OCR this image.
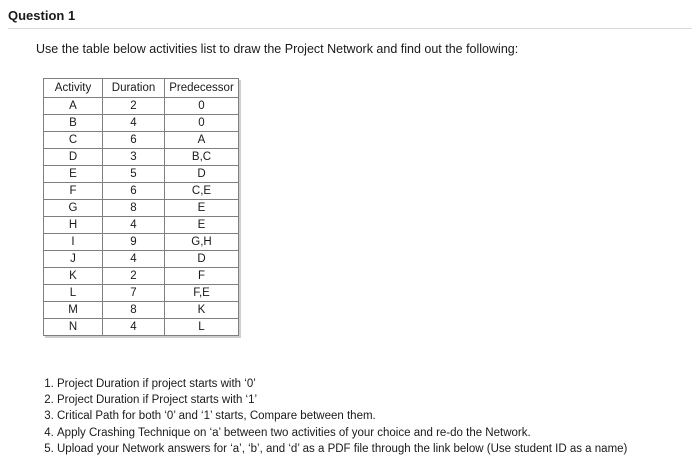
Question 1
Use the table below activities list to draw the Project Network and find out the following:
Activity	Duration	Predecessor
A	2	0
B	4	0
C	6	A
D	3	B,C
E	5	D
F	6	C,E
G	8	E
H	4	E
I	9	G,H
J	4	D
K	2	F
L	7	F,E
M	8	K
N	4	L
1. Project Duration if project starts with ‘0’
2. Project Duration if Project starts with ‘1’
3. Critical Path for both ‘0’ and ‘1’ starts, Compare between them.
4. Apply Crashing Technique on ‘a’ between two activities of your choice and re-do the Network.
5. Upload your Network answers for ‘a’, ‘b’, and ‘d’ as a PDF file through the link below (Use student ID as a name)
